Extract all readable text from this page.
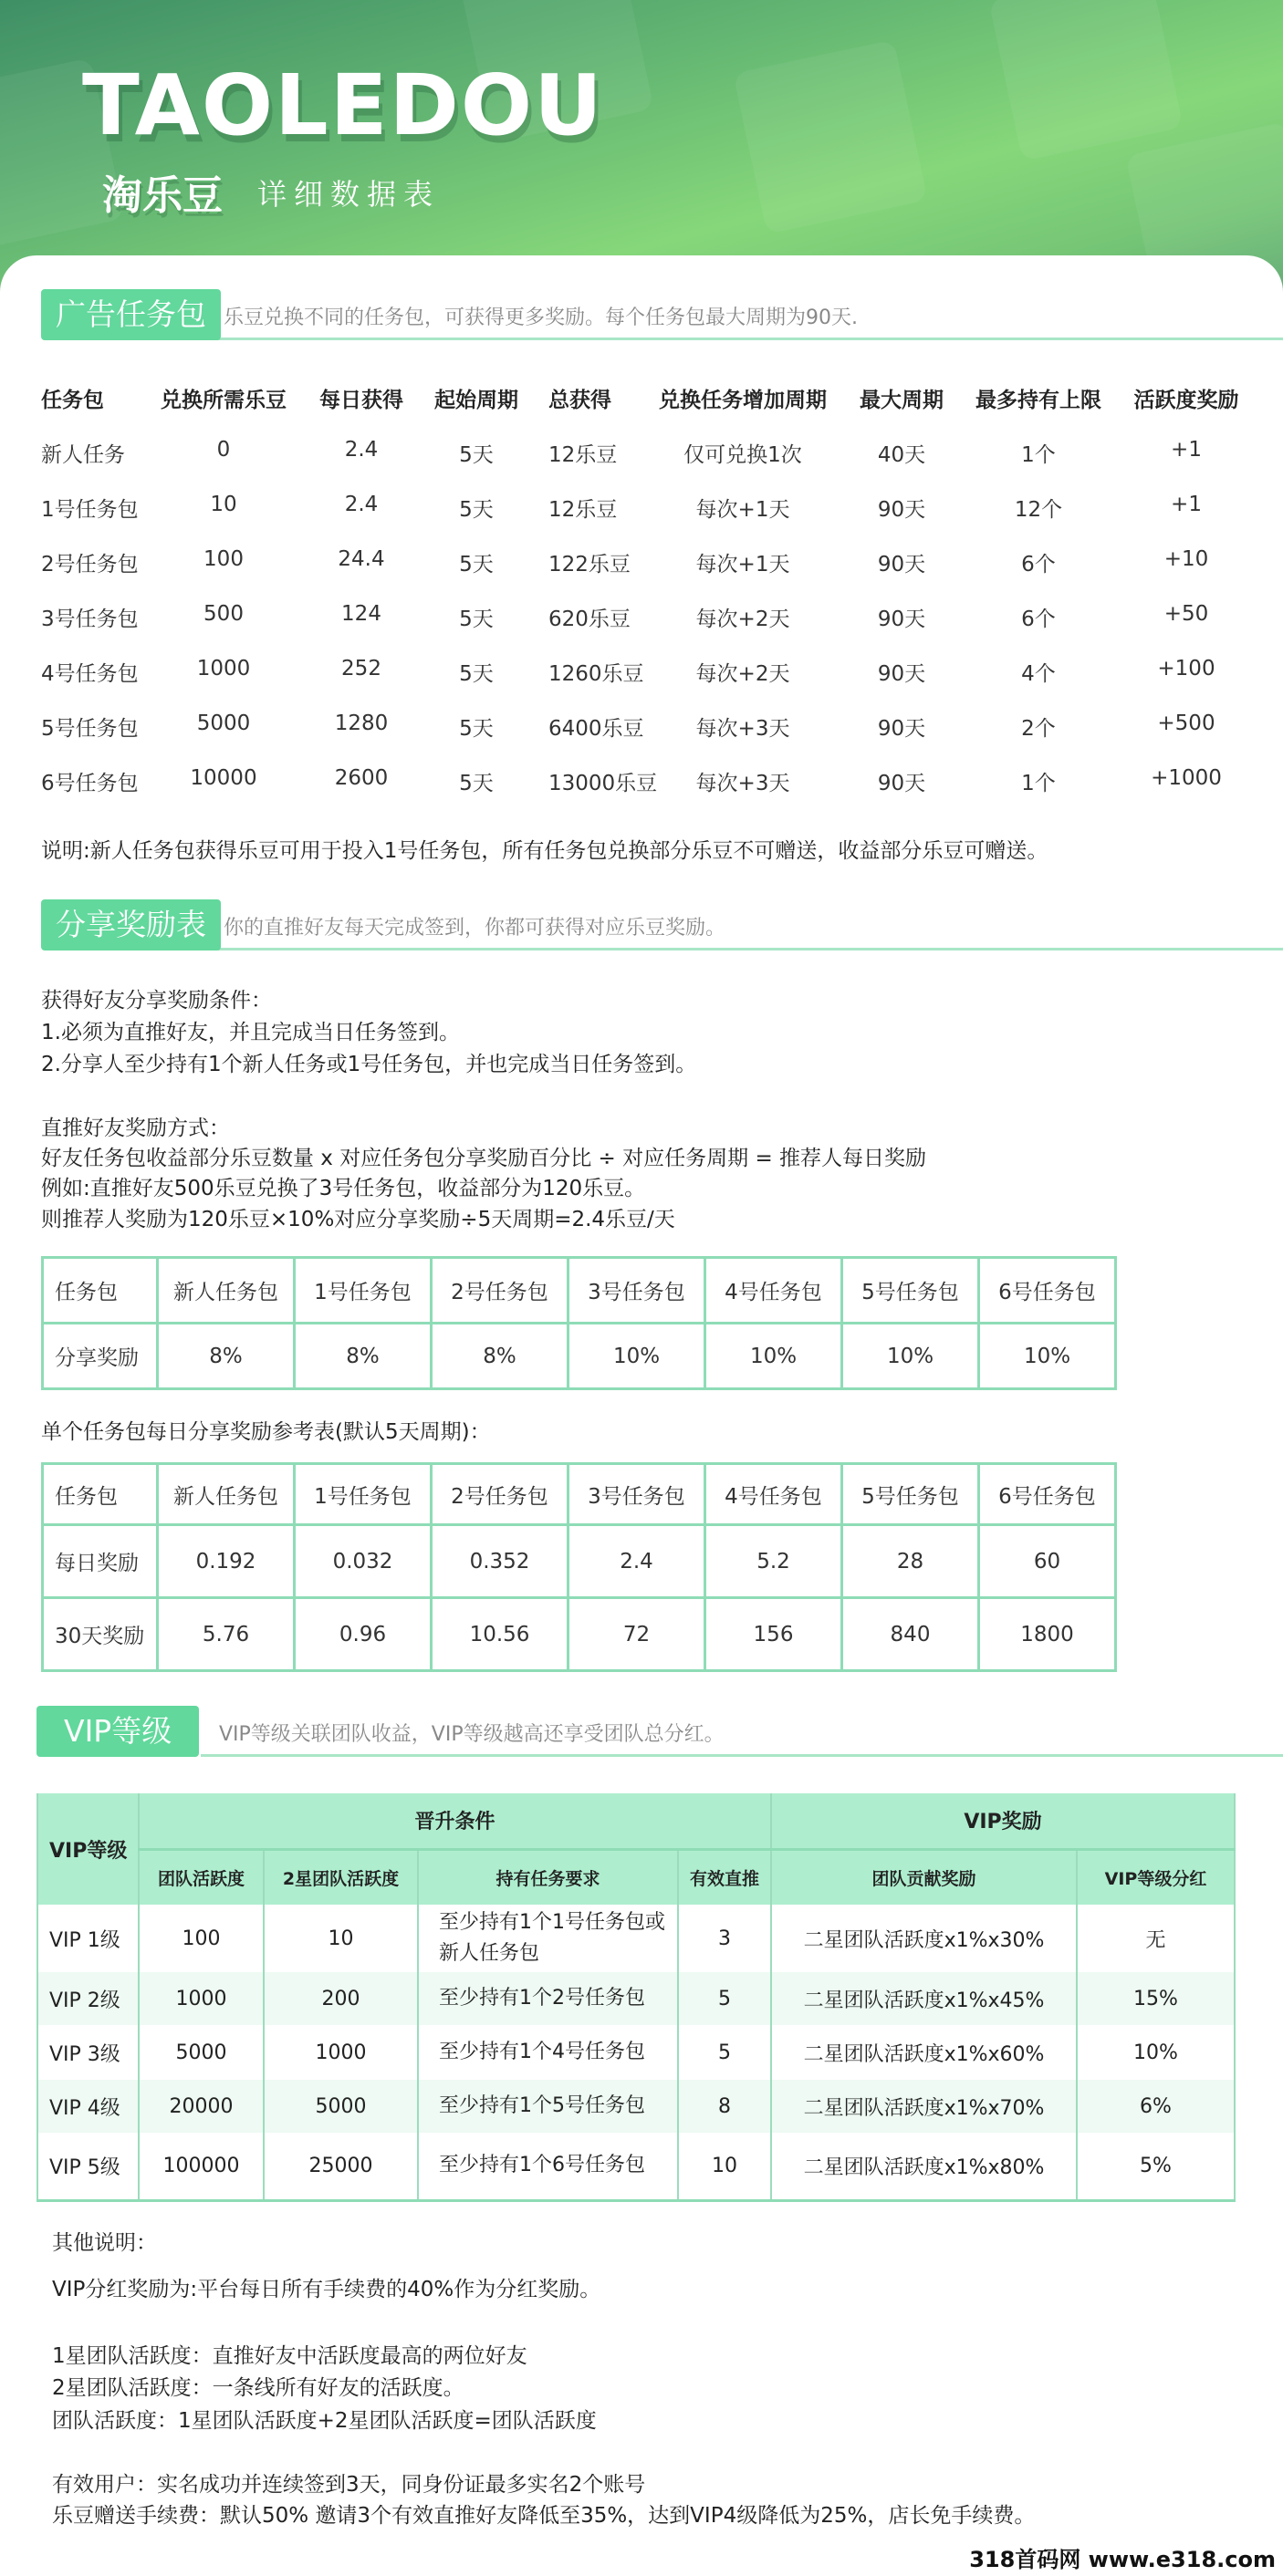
TAOLEDOU
淘乐豆 详细数据表
广告任务包 乐豆兑换不同的任务包，可获得更多奖励。每个任务包最大周期为90天.
任务包	兑换所需乐豆	每日获得	起始周期	总获得	兑换任务增加周期	最大周期	最多持有上限	活跃度奖励
新人任务	0	2.4	5天	12乐豆	仅可兑换1次	40天	1个	+1
1号任务包	10	2.4	5天	12乐豆	每次+1天	90天	12个	+1
2号任务包	100	24.4	5天	122乐豆	每次+1天	90天	6个	+10
3号任务包	500	124	5天	620乐豆	每次+2天	90天	6个	+50
4号任务包	1000	252	5天	1260乐豆	每次+2天	90天	4个	+100
5号任务包	5000	1280	5天	6400乐豆	每次+3天	90天	2个	+500
6号任务包	10000	2600	5天	13000乐豆	每次+3天	90天	1个	+1000
说明:新人任务包获得乐豆可用于投入1号任务包，所有任务包兑换部分乐豆不可赠送，收益部分乐豆可赠送。
分享奖励表 你的直推好友每天完成签到，你都可获得对应乐豆奖励。
获得好友分享奖励条件：
1.必须为直推好友，并且完成当日任务签到。
2.分享人至少持有1个新人任务或1号任务包，并也完成当日任务签到。
直推好友奖励方式：
好友任务包收益部分乐豆数量 x 对应任务包分享奖励百分比 ÷ 对应任务周期 = 推荐人每日奖励
例如:直推好友500乐豆兑换了3号任务包，收益部分为120乐豆。
则推荐人奖励为120乐豆×10%对应分享奖励÷5天周期=2.4乐豆/天
任务包	新人任务包	1号任务包	2号任务包	3号任务包	4号任务包	5号任务包	6号任务包
分享奖励	8%	8%	8%	10%	10%	10%	10%
单个任务包每日分享奖励参考表(默认5天周期)：
任务包	新人任务包	1号任务包	2号任务包	3号任务包	4号任务包	5号任务包	6号任务包
每日奖励	0.192	0.032	0.352	2.4	5.2	28	60
30天奖励	5.76	0.96	10.56	72	156	840	1800
VIP等级	VIP等级关联团队收益，VIP等级越高还享受团队总分红。
VIP等级	晋升条件				VIP奖励	
	团队活跃度	2星团队活跃度	持有任务要求	有效直推	团队贡献奖励	VIP等级分红
VIP 1级	100	10	至少持有1个1号任务包或新人任务包	3	二星团队活跃度x1%x30%	无
VIP 2级	1000	200	至少持有1个2号任务包	5	二星团队活跃度x1%x45%	15%
VIP 3级	5000	1000	至少持有1个4号任务包	5	二星团队活跃度x1%x60%	10%
VIP 4级	20000	5000	至少持有1个5号任务包	8	二星团队活跃度x1%x70%	6%
VIP 5级	100000	25000	至少持有1个6号任务包	10	二星团队活跃度x1%x80%	5%
其他说明：
VIP分红奖励为:平台每日所有手续费的40%作为分红奖励。
1星团队活跃度：直推好友中活跃度最高的两位好友
2星团队活跃度：一条线所有好友的活跃度。
团队活跃度：1星团队活跃度+2星团队活跃度=团队活跃度
有效用户：实名成功并连续签到3天，同身份证最多实名2个账号
乐豆赠送手续费：默认50% 邀请3个有效直推好友降低至35%，达到VIP4级降低为25%，店长免手续费。
318首码网 www.e318.com
